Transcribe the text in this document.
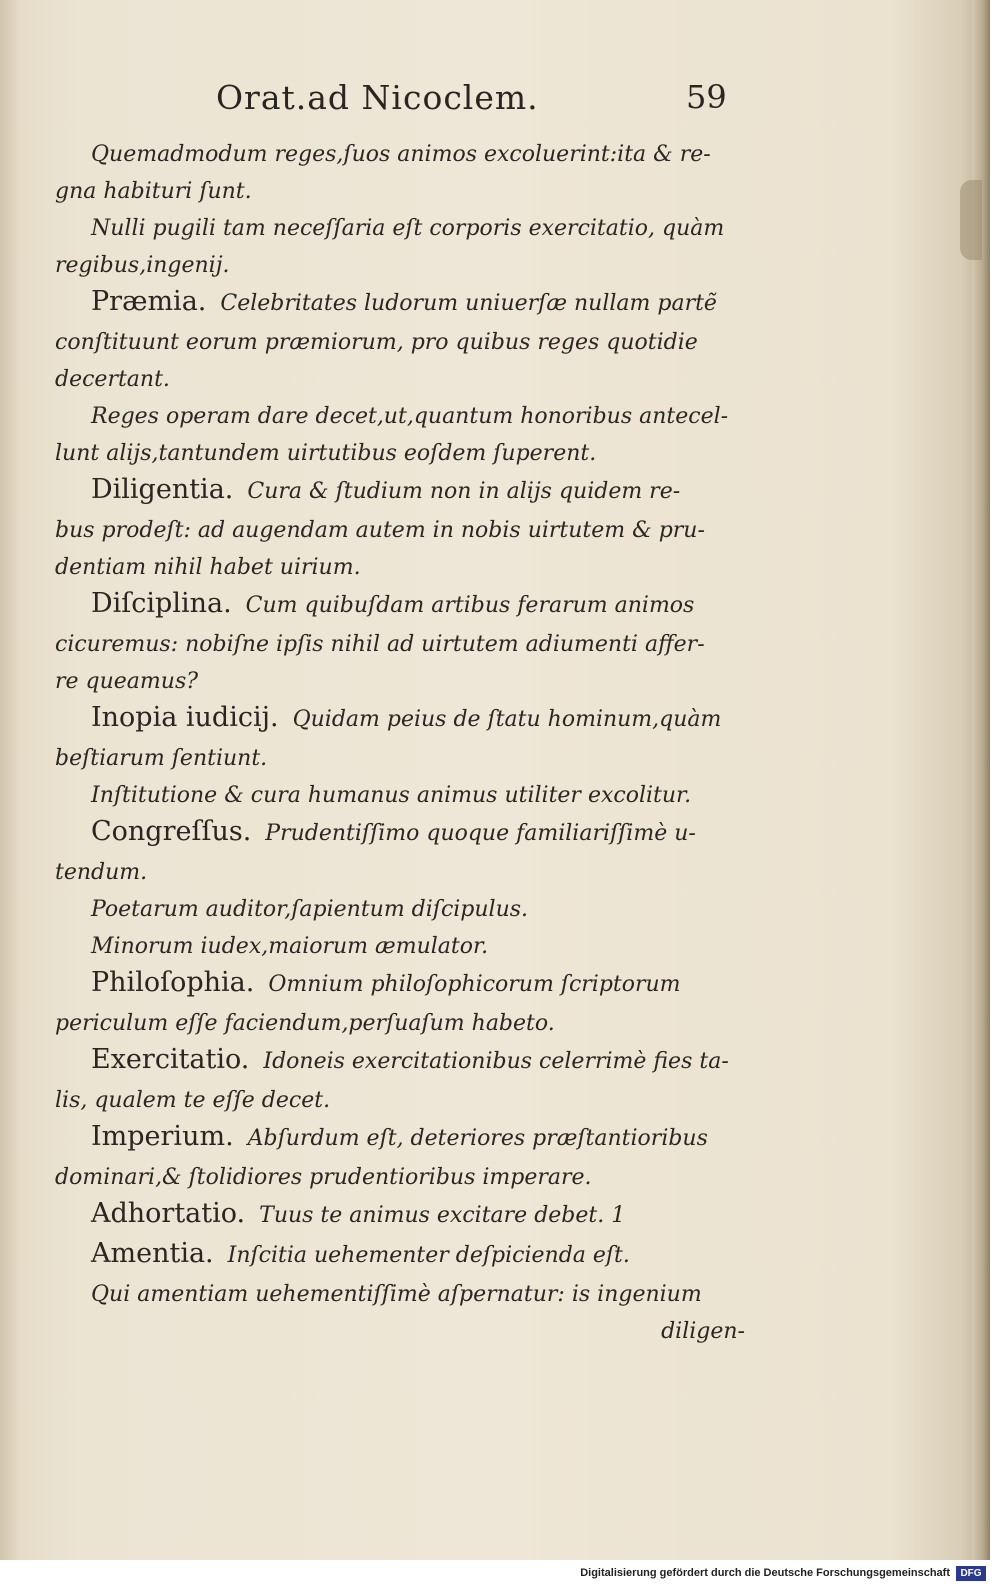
Orat.ad Nicoclem.	59
Quemadmodum reges,ſuos animos excoluerint:ita & re-
gna habituri ſunt.
Nulli pugili tam neceſſaria eſt corporis exercitatio, quàm
regibus,ingenij.
Præmia. Celebritates ludorum uniuerſæ nullam partẽ
conſtituunt eorum præmiorum, pro quibus reges quotidie
decertant.
Reges operam dare decet,ut,quantum honoribus antecel-
lunt alijs,tantundem uirtutibus eoſdem ſuperent.
Diligentia. Cura & ſtudium non in alijs quidem re-
bus prodeſt: ad augendam autem in nobis uirtutem & pru-
dentiam nihil habet uirium.
Diſciplina. Cum quibuſdam artibus ferarum animos
cicuremus: nobiſne ipſis nihil ad uirtutem adiumenti affer-
re queamus?
Inopia iudicij. Quidam peius de ſtatu hominum,quàm
beſtiarum ſentiunt.
Inſtitutione & cura humanus animus utiliter excolitur.
Congreſſus. Prudentiſſimo quoque familiariſſimè u-
tendum.
Poetarum auditor,ſapientum diſcipulus.
Minorum iudex,maiorum æmulator.
Philoſophia. Omnium philoſophicorum ſcriptorum
periculum eſſe faciendum,perſuaſum habeto.
Exercitatio. Idoneis exercitationibus celerrimè fies ta-
lis, qualem te eſſe decet.
Imperium. Abſurdum eſt, deteriores præſtantioribus
dominari,& ſtolidiores prudentioribus imperare.
Adhortatio. Tuus te animus excitare debet. 1
Amentia. Inſcitia uehementer deſpicienda eſt.
Qui amentiam uehementiſſimè aſpernatur: is ingenium
diligen-
Digitalisierung gefördert durch die Deutsche Forschungsgemeinschaft	DFG
